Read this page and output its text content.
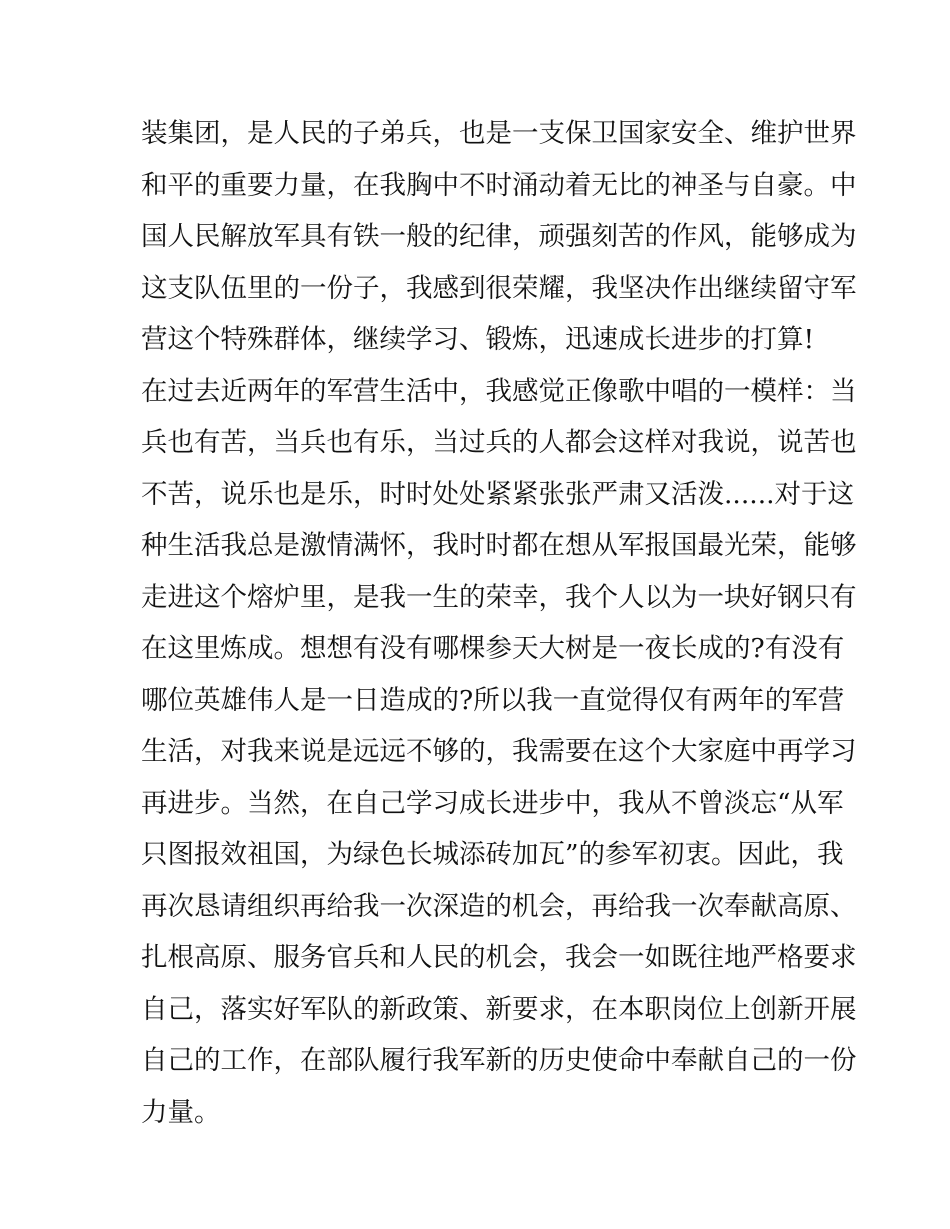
装集团，是人民的子弟兵，也是一支保卫国家安全、维护世界
和平的重要力量，在我胸中不时涌动着无比的神圣与自豪。中
国人民解放军具有铁一般的纪律，顽强刻苦的作风，能够成为
这支队伍里的一份子，我感到很荣耀，我坚决作出继续留守军
营这个特殊群体，继续学习、锻炼，迅速成长进步的打算!
在过去近两年的军营生活中，我感觉正像歌中唱的一模样：当
兵也有苦，当兵也有乐，当过兵的人都会这样对我说，说苦也
不苦，说乐也是乐，时时处处紧紧张张严肃又活泼......对于这
种生活我总是激情满怀，我时时都在想从军报国最光荣，能够
走进这个熔炉里，是我一生的荣幸，我个人以为一块好钢只有
在这里炼成。想想有没有哪棵参天大树是一夜长成的?有没有
哪位英雄伟人是一日造成的?所以我一直觉得仅有两年的军营
生活，对我来说是远远不够的，我需要在这个大家庭中再学习
再进步。当然，在自己学习成长进步中，我从不曾淡忘“从军
只图报效祖国，为绿色长城添砖加瓦”的参军初衷。因此，我
再次恳请组织再给我一次深造的机会，再给我一次奉献高原、
扎根高原、服务官兵和人民的机会，我会一如既往地严格要求
自己，落实好军队的新政策、新要求，在本职岗位上创新开展
自己的工作，在部队履行我军新的历史使命中奉献自己的一份
力量。
